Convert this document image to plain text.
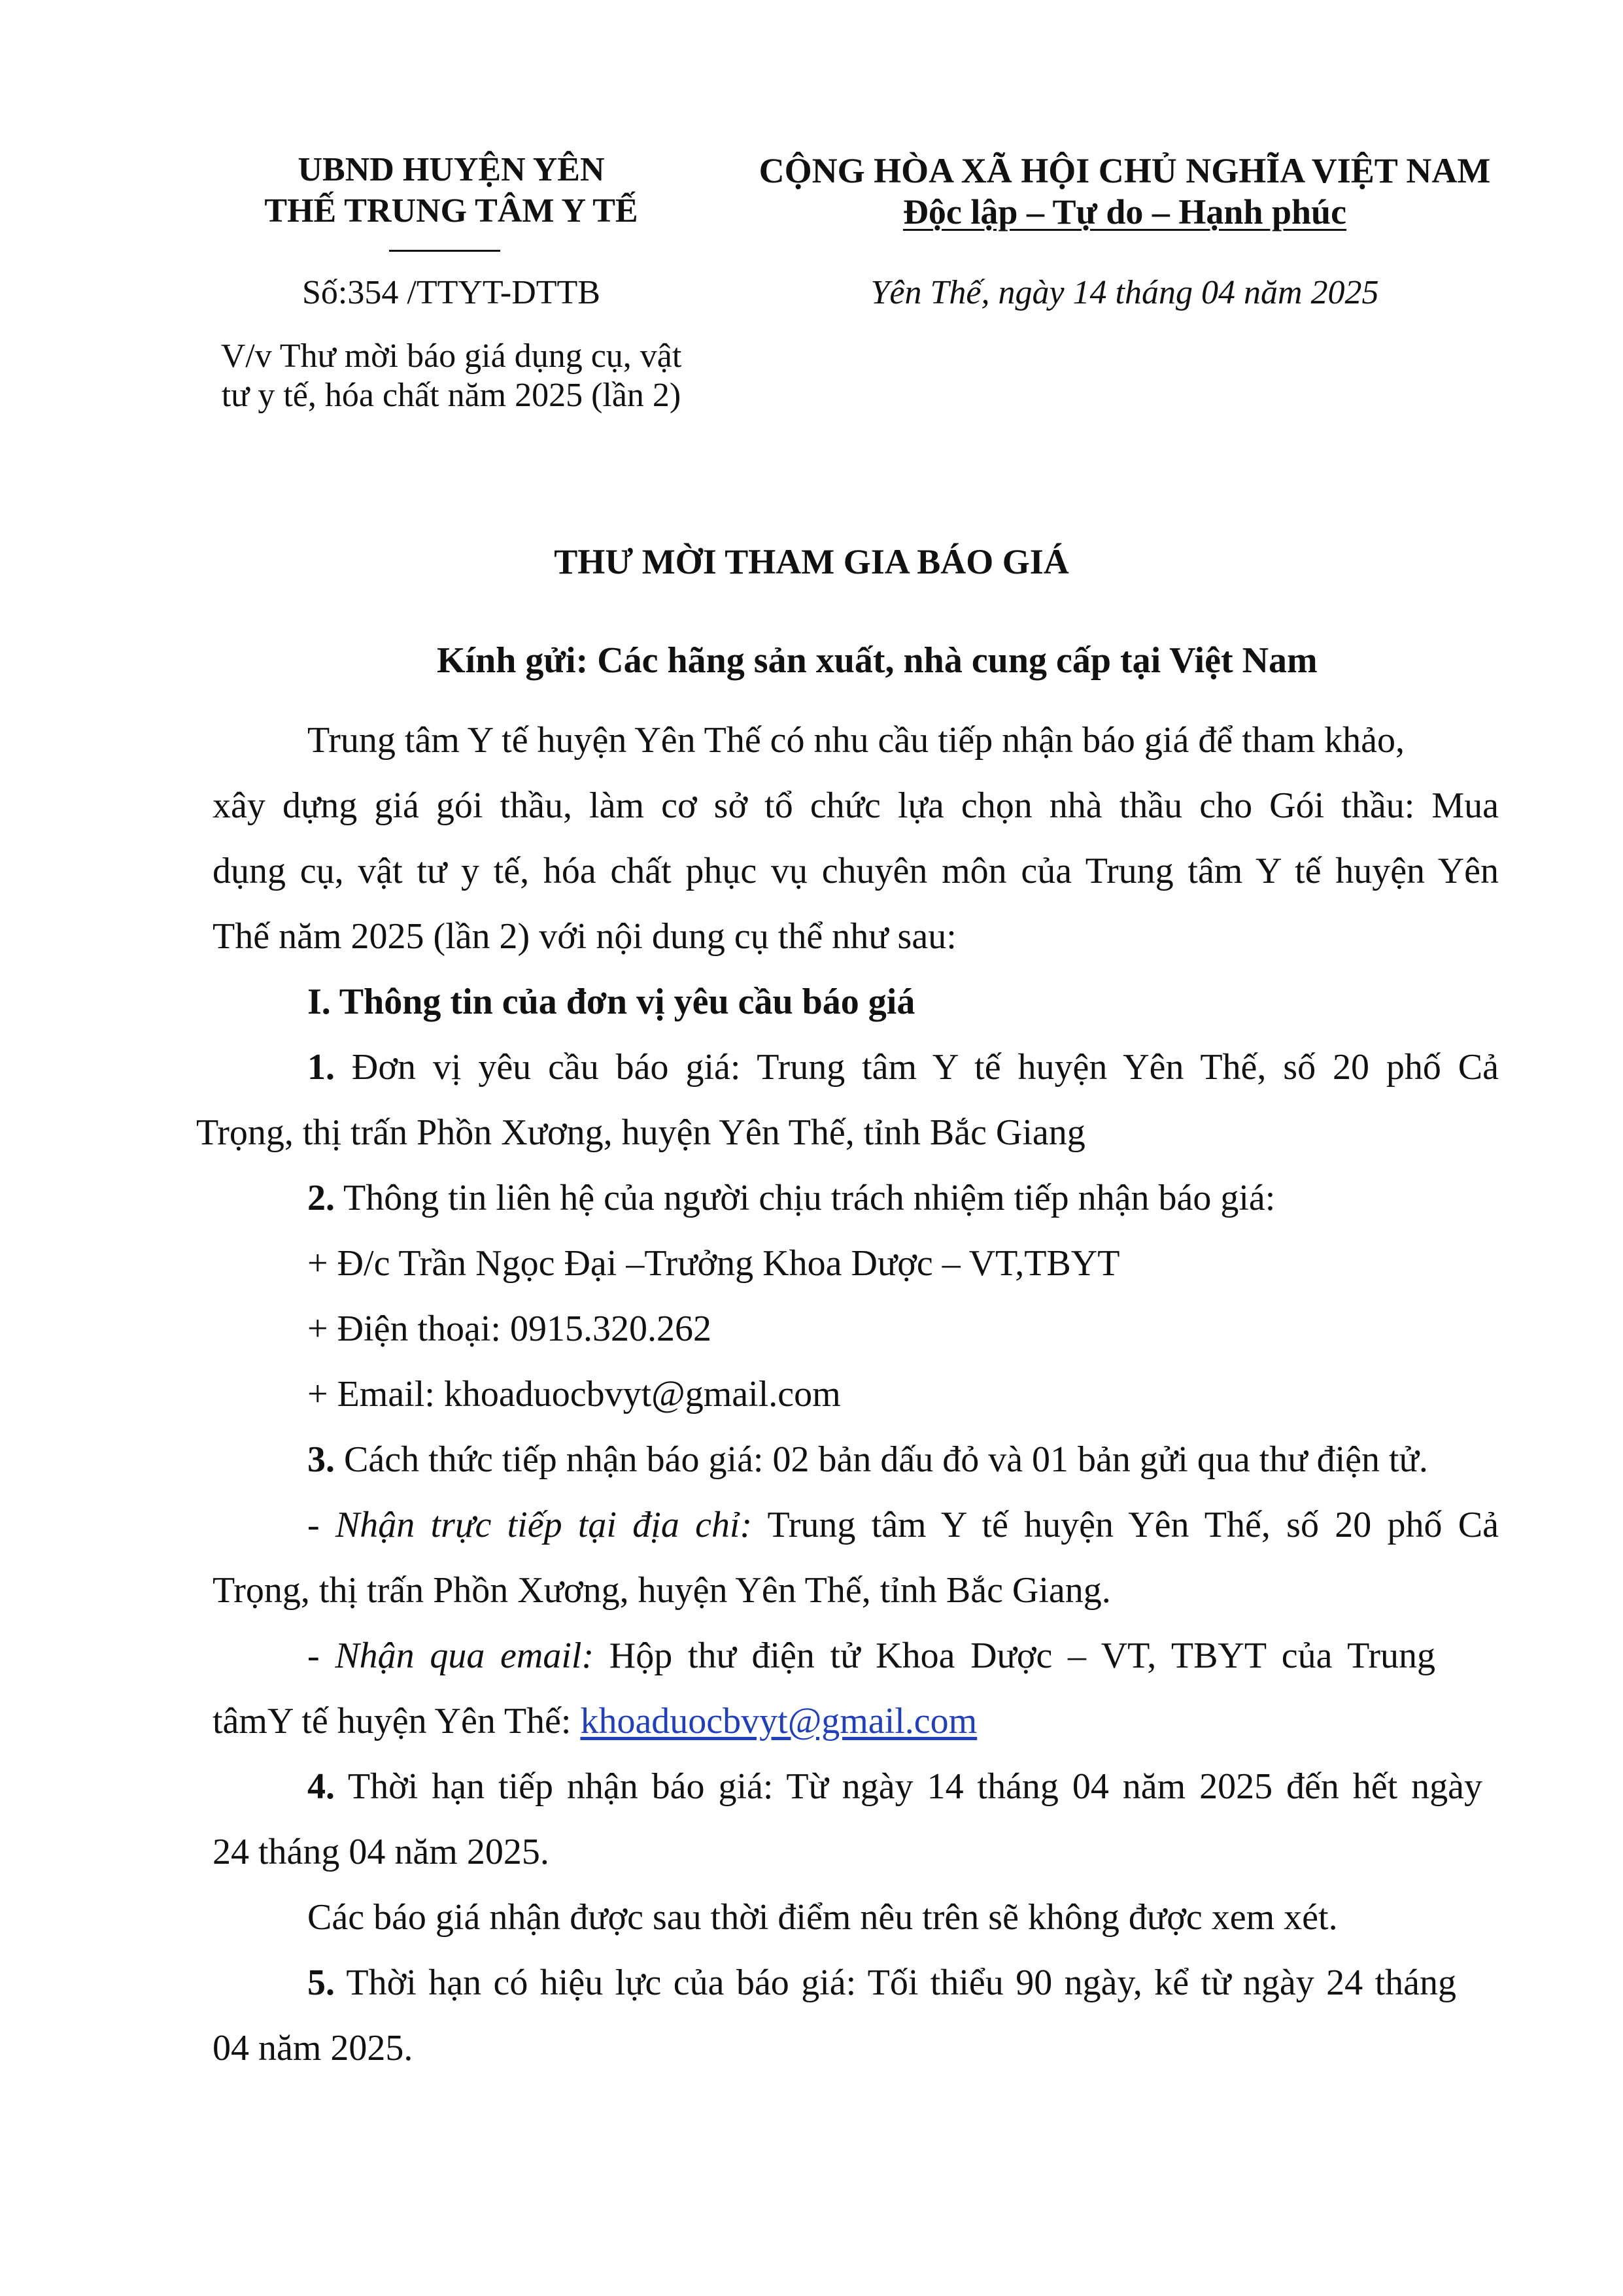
UBND HUYỆN YÊN
THẾ TRUNG TÂM Y TẾ
Số:354 /TTYT-DTTB
V/v Thư mời báo giá dụng cụ, vật
tư y tế, hóa chất năm 2025 (lần 2)
CỘNG HÒA XÃ HỘI CHỦ NGHĨA VIỆT NAM
Độc lập – Tự do – Hạnh phúc
Yên Thế, ngày 14 tháng 04 năm 2025
THƯ MỜI THAM GIA BÁO GIÁ
Kính gửi: Các hãng sản xuất, nhà cung cấp tại Việt Nam
Trung tâm Y tế huyện Yên Thế có nhu cầu tiếp nhận báo giá để tham khảo,
xây dựng giá gói thầu, làm cơ sở tổ chức lựa chọn nhà thầu cho Gói thầu: Mua
dụng cụ, vật tư y tế, hóa chất phục vụ chuyên môn của Trung tâm Y tế huyện Yên
Thế năm 2025 (lần 2) với nội dung cụ thể như sau:
I. Thông tin của đơn vị yêu cầu báo giá
1. Đơn vị yêu cầu báo giá: Trung tâm Y tế huyện Yên Thế, số 20 phố Cả
Trọng, thị trấn Phồn Xương, huyện Yên Thế, tỉnh Bắc Giang
2. Thông tin liên hệ của người chịu trách nhiệm tiếp nhận báo giá:
+ Đ/c Trần Ngọc Đại –Trưởng Khoa Dược – VT,TBYT
+ Điện thoại: 0915.320.262
+ Email: khoaduocbvyt@gmail.com
3. Cách thức tiếp nhận báo giá: 02 bản dấu đỏ và 01 bản gửi qua thư điện tử.
- Nhận trực tiếp tại địa chỉ: Trung tâm Y tế huyện Yên Thế, số 20 phố Cả
Trọng, thị trấn Phồn Xương, huyện Yên Thế, tỉnh Bắc Giang.
- Nhận qua email: Hộp thư điện tử Khoa Dược – VT, TBYT của Trung
tâmY tế huyện Yên Thế: khoaduocbvyt@gmail.com
4. Thời hạn tiếp nhận báo giá: Từ ngày 14 tháng 04 năm 2025 đến hết ngày
24 tháng 04 năm 2025.
Các báo giá nhận được sau thời điểm nêu trên sẽ không được xem xét.
5. Thời hạn có hiệu lực của báo giá: Tối thiểu 90 ngày, kể từ ngày 24 tháng
04 năm 2025.
